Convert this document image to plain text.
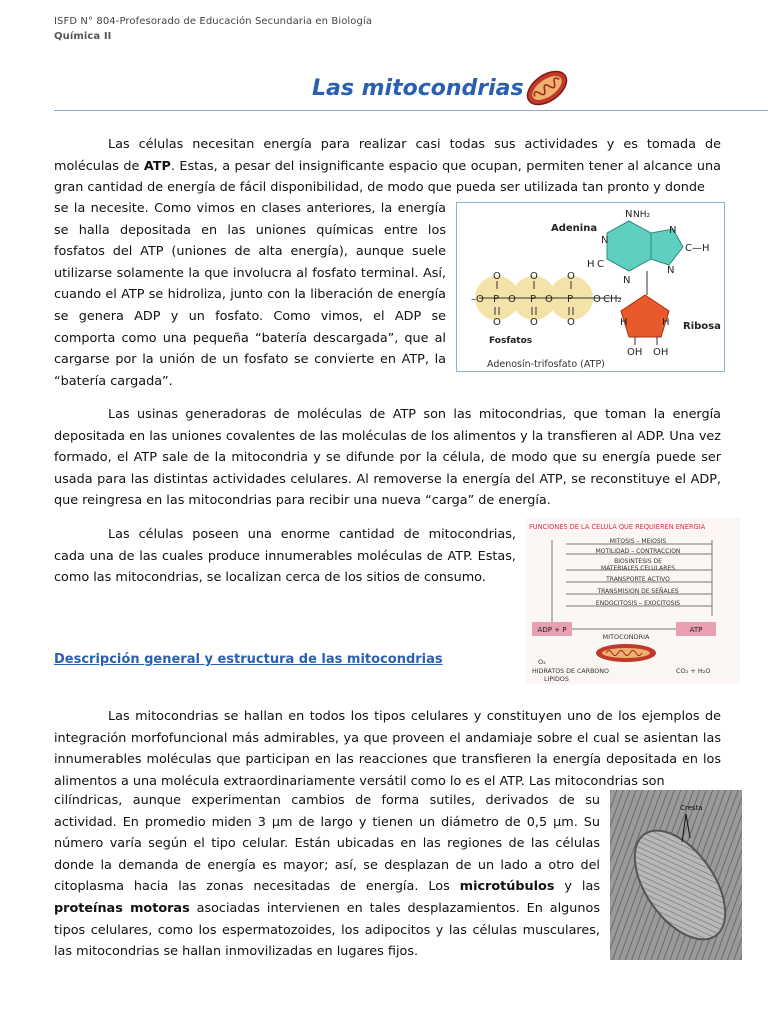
ISFD N° 804-Profesorado de Educación Secundaria en Biología
Química II
Las mitocondrias
Las células necesitan energía para realizar casi todas sus actividades y es tomada de moléculas de ATP. Estas, a pesar del insignificante espacio que ocupan, permiten tener al alcance una gran cantidad de energía de fácil disponibilidad, de modo que pueda ser utilizada tan pronto y donde
se la necesite. Como vimos en clases anteriores, la energía se halla depositada en las uniones químicas entre los fosfatos del ATP (uniones de alta energía), aunque suele utilizarse solamente la que involucra al fosfato terminal. Así, cuando el ATP se hidroliza, junto con la liberación de energía se genera ADP y un fosfato. Como vimos, el ADP se comporta como una pequeña “batería descargada”, que al cargarse por la unión de un fosfato se convierte en ATP, la “batería cargada”.
O	O	O
–O P O P O P O CH₂
O	O	O
N
H C
N
N
N
C—H
N
H	H
NH₂
Adenina
Ribosa
Fosfatos
OH OH
Adenosín-trifosfato (ATP)
Las usinas generadoras de moléculas de ATP son las mitocondrias, que toman la energía depositada en las uniones covalentes de las moléculas de los alimentos y la transfieren al ADP. Una vez formado, el ATP sale de la mitocondria y se difunde por la célula, de modo que su energía puede ser usada para las distintas actividades celulares. Al removerse la energía del ATP, se reconstituye el ADP, que reingresa en las mitocondrias para recibir una nueva “carga” de energía.
Las células poseen una enorme cantidad de mitocondrias, cada una de las cuales produce innumerables moléculas de ATP. Estas, como las mitocondrias, se localizan cerca de los sitios de consumo.
FUNCIONES DE LA CELULA QUE REQUIEREN ENERGIA
MITOSIS – MEIOSIS
MOTILIDAD – CONTRACCION
BIOSINTESIS DE
MATERIALES CELULARES
TRANSPORTE ACTIVO
TRANSMISION DE SEÑALES
ENDOCITOSIS – EXOCITOSIS
ADP + P	ATP
MITOCONDRIA
O₂
HIDRATOS DE CARBONO
LIPIDOS
CO₂ + H₂O
Descripción general y estructura de las mitocondrias
Las mitocondrias se hallan en todos los tipos celulares y constituyen uno de los ejemplos de integración morfofuncional más admirables, ya que proveen el andamiaje sobre el cual se asientan las innumerables moléculas que participan en las reacciones que transfieren la energía depositada en los alimentos a una molécula extraordinariamente versátil como lo es el ATP. Las mitocondrias son
cilíndricas, aunque experimentan cambios de forma sutiles, derivados de su actividad. En promedio miden 3 μm de largo y tienen un diámetro de 0,5 μm. Su número varía según el tipo celular. Están ubicadas en las regiones de las células donde la demanda de energía es mayor; así, se desplazan de un lado a otro del citoplasma hacia las zonas necesitadas de energía. Los microtúbulos y las proteínas motoras asociadas intervienen en tales desplazamientos. En algunos tipos celulares, como los espermatozoides, los adipocitos y las células musculares, las mitocondrias se hallan inmovilizadas en lugares fijos.
Cresta
